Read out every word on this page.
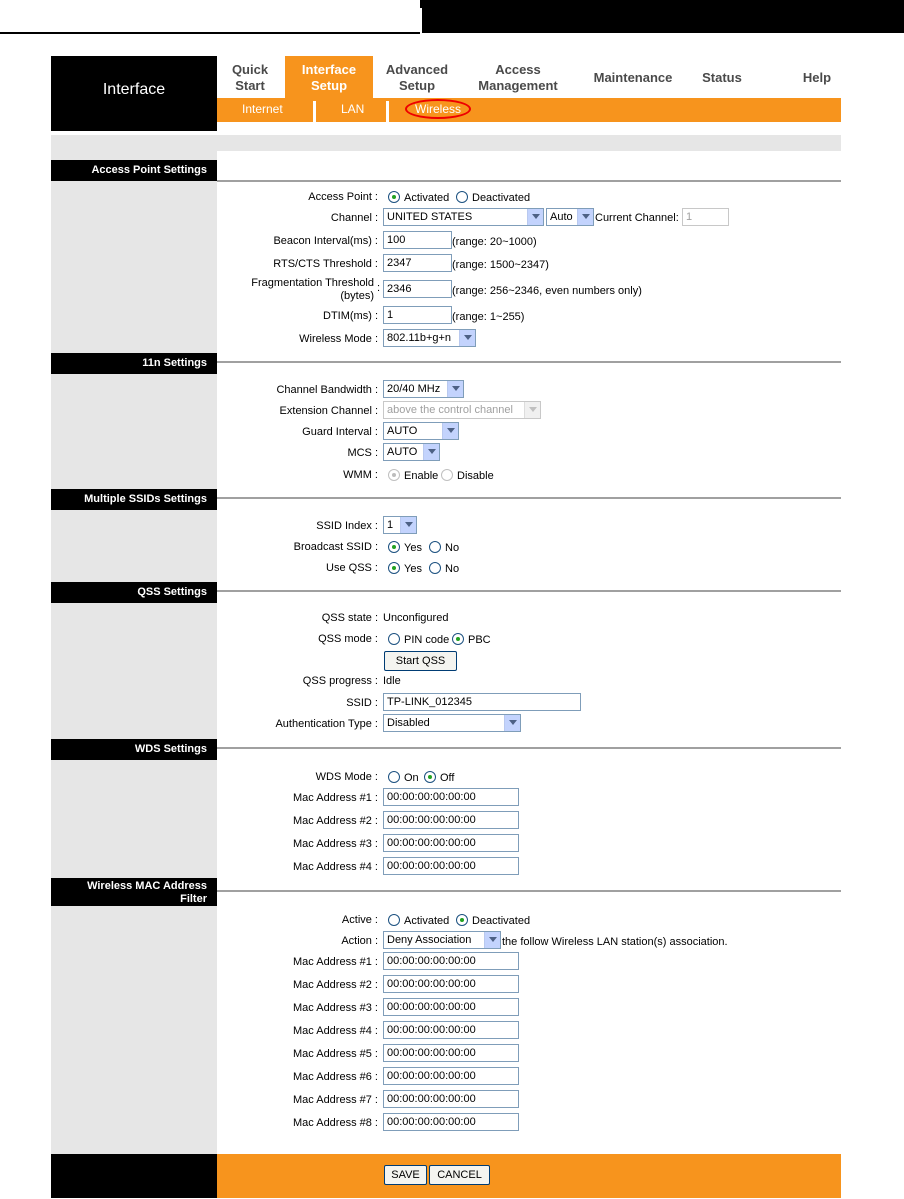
Interface
Quick
Start
Interface
Setup
Advanced
Setup
Access
Management
Maintenance	Status	Help
Internet	LAN	Wireless
Access Point Settings
Access Point : Activated Deactivated
Channel : UNITED STATES	Auto	Current Channel: 1
Beacon Interval(ms) : 100	(range: 20~1000)
RTS/CTS Threshold : 2347	(range: 1500~2347)
Fragmentation Threshold
(bytes)
: 2346	(range: 256~2346, even numbers only)
DTIM(ms) : 1	(range: 1~255)
Wireless Mode : 802.11b+g+n
11n Settings
Channel Bandwidth : 20/40 MHz
Extension Channel : above the control channel
Guard Interval : AUTO
MCS : AUTO
WMM : Enable Disable
Multiple SSIDs Settings
SSID Index : 1
Broadcast SSID : Yes No
Use QSS : Yes No
QSS Settings
QSS state : Unconfigured
QSS mode : PIN code PBC
Start QSS
QSS progress : Idle
SSID : TP-LINK_012345
Authentication Type : Disabled
WDS Settings
WDS Mode : On Off
Mac Address #1 : 00:00:00:00:00:00
Mac Address #2 : 00:00:00:00:00:00
Mac Address #3 : 00:00:00:00:00:00
Mac Address #4 : 00:00:00:00:00:00
Wireless MAC Address
Filter
Active : Activated Deactivated
Action : Deny Association	the follow Wireless LAN station(s) association.
Mac Address #1 : 00:00:00:00:00:00
Mac Address #2 : 00:00:00:00:00:00
Mac Address #3 : 00:00:00:00:00:00
Mac Address #4 : 00:00:00:00:00:00
Mac Address #5 : 00:00:00:00:00:00
Mac Address #6 : 00:00:00:00:00:00
Mac Address #7 : 00:00:00:00:00:00
Mac Address #8 : 00:00:00:00:00:00
SAVE	CANCEL
